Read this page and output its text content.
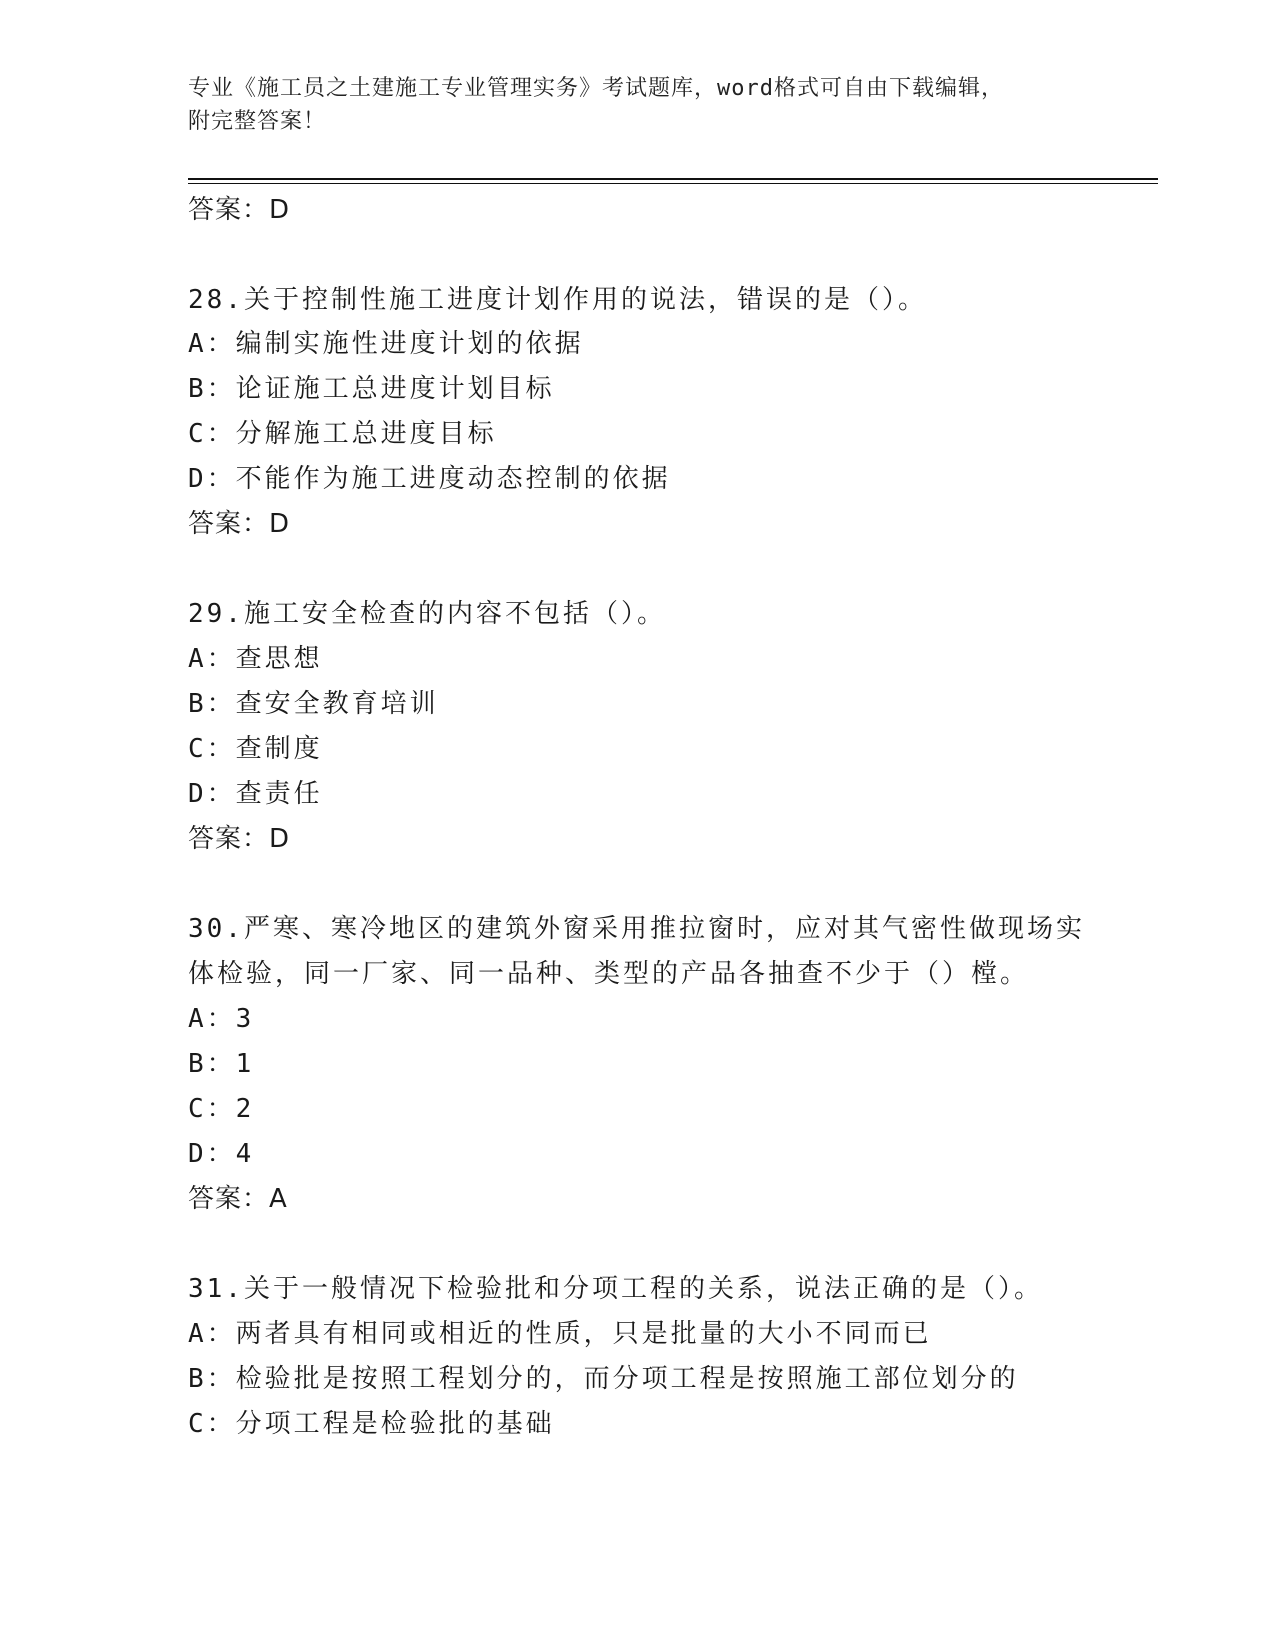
专业《施工员之土建施工专业管理实务》考试题库，word格式可自由下载编辑，
附完整答案！
答案：D
28.关于控制性施工进度计划作用的说法，错误的是（）。
A：编制实施性进度计划的依据
B：论证施工总进度计划目标
C：分解施工总进度目标
D：不能作为施工进度动态控制的依据
答案：D
29.施工安全检查的内容不包括（）。
A：查思想
B：查安全教育培训
C：查制度
D：查责任
答案：D
30.严寒、寒冷地区的建筑外窗采用推拉窗时，应对其气密性做现场实
体检验，同一厂家、同一品种、类型的产品各抽查不少于（）樘。
A：3
B：1
C：2
D：4
答案：A
31.关于一般情况下检验批和分项工程的关系，说法正确的是（）。
A：两者具有相同或相近的性质，只是批量的大小不同而已
B：检验批是按照工程划分的，而分项工程是按照施工部位划分的
C：分项工程是检验批的基础
